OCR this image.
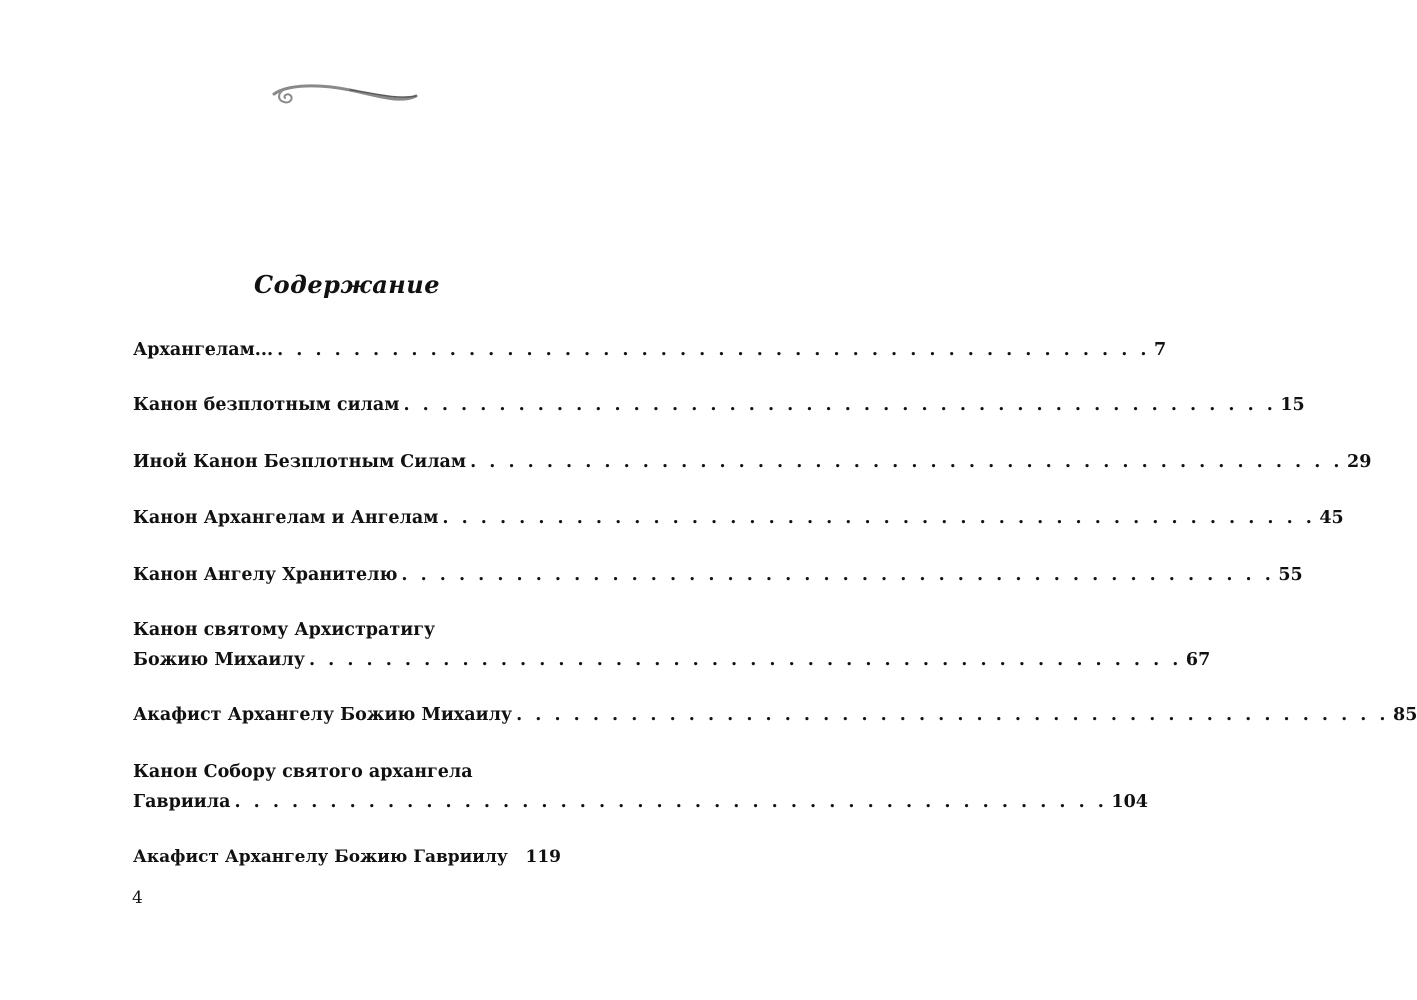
Содержание
Архангелам... . . . . . . . . . . . . . . . . . . . . . . . . . . . . . . . . . . . . . . . . . . . . . . 7
Канон безплотным силам . . . . . . . . . . . . . . . . . . . . . . . . . . . . . . . . . . . . . . . . . . . . . . 15
Иной Канон Безплотным Силам . . . . . . . . . . . . . . . . . . . . . . . . . . . . . . . . . . . . . . . . . . . . . . 29
Канон Архангелам и Ангелам . . . . . . . . . . . . . . . . . . . . . . . . . . . . . . . . . . . . . . . . . . . . . . 45
Канон Ангелу Хранителю . . . . . . . . . . . . . . . . . . . . . . . . . . . . . . . . . . . . . . . . . . . . . . 55
Канон святому Архистратигу
Божию Михаилу . . . . . . . . . . . . . . . . . . . . . . . . . . . . . . . . . . . . . . . . . . . . . . 67
Акафист Архангелу Божию Михаилу . . . . . . . . . . . . . . . . . . . . . . . . . . . . . . . . . . . . . . . . . . . . . . 85
Канон Собору святого архангела
Гавриила . . . . . . . . . . . . . . . . . . . . . . . . . . . . . . . . . . . . . . . . . . . . . . 104
Акафист Архангелу Божию Гавриилу 119
4
